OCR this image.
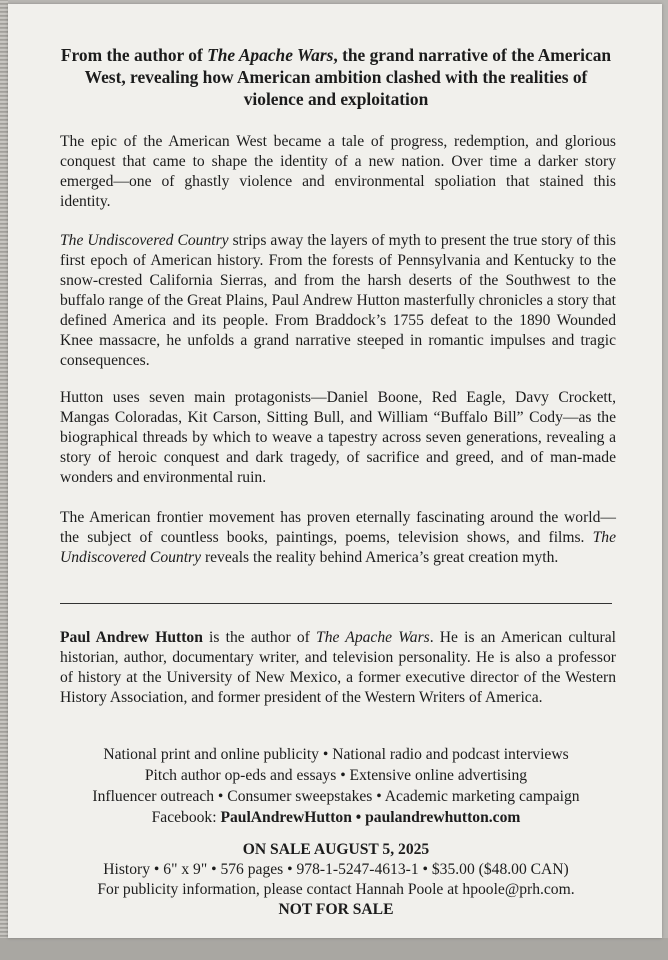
From the author of The Apache Wars, the grand narrative of the American West, revealing how American ambition clashed with the realities of violence and exploitation
The epic of the American West became a tale of progress, redemption, and glorious conquest that came to shape the identity of a new nation. Over time a darker story emerged—one of ghastly violence and environmental spoliation that stained this identity.
The Undiscovered Country strips away the layers of myth to present the true story of this first epoch of American history. From the forests of Pennsylvania and Kentucky to the snow-crested California Sierras, and from the harsh deserts of the Southwest to the buffalo range of the Great Plains, Paul Andrew Hutton masterfully chronicles a story that defined America and its people. From Braddock’s 1755 defeat to the 1890 Wounded Knee massacre, he unfolds a grand narrative steeped in romantic impulses and tragic consequences.
Hutton uses seven main protagonists—Daniel Boone, Red Eagle, Davy Crockett, Mangas Coloradas, Kit Carson, Sitting Bull, and William “Buffalo Bill” Cody—as the biographical threads by which to weave a tapestry across seven generations, revealing a story of heroic conquest and dark tragedy, of sacrifice and greed, and of man-made wonders and environmental ruin.
The American frontier movement has proven eternally fascinating around the world—the subject of countless books, paintings, poems, television shows, and films. The Undiscovered Country reveals the reality behind America’s great creation myth.
Paul Andrew Hutton is the author of The Apache Wars. He is an American cultural historian, author, documentary writer, and television personality. He is also a professor of history at the University of New Mexico, a former executive director of the Western History Association, and former president of the Western Writers of America.
National print and online publicity • National radio and podcast interviews
Pitch author op-eds and essays • Extensive online advertising
Influencer outreach • Consumer sweepstakes • Academic marketing campaign
Facebook: PaulAndrewHutton • paulandrewhutton.com
ON SALE AUGUST 5, 2025
History • 6" x 9" • 576 pages • 978-1-5247-4613-1 • $35.00 ($48.00 CAN)
For publicity information, please contact Hannah Poole at hpoole@prh.com.
NOT FOR SALE
